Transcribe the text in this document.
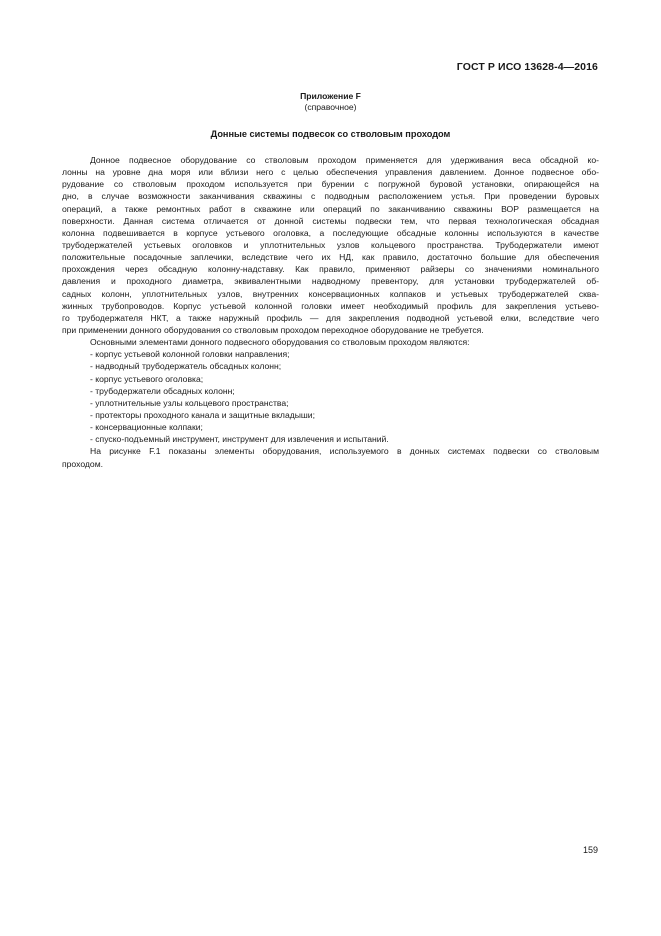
ГОСТ Р ИСО 13628-4—2016
Приложение F
(справочное)
Донные системы подвесок со стволовым проходом
Донное подвесное оборудование со стволовым проходом применяется для удерживания веса обсадной ко-
лонны на уровне дна моря или вблизи него с целью обеспечения управления давлением. Донное подвесное обо-
рудование со стволовым проходом используется при бурении с погружной буровой установки, опирающейся на
дно, в случае возможности заканчивания скважины с подводным расположением устья. При проведении буровых
операций, а также ремонтных работ в скважине или операций по заканчиванию скважины ВОР размещается на
поверхности. Данная система отличается от донной системы подвески тем, что первая технологическая обсадная
колонна подвешивается в корпусе устьевого оголовка, а последующие обсадные колонны используются в качестве
трубодержателей устьевых оголовков и уплотнительных узлов кольцевого пространства. Трубодержатели имеют
положительные посадочные заплечики, вследствие чего их НД, как правило, достаточно большие для обеспечения
прохождения через обсадную колонну-надставку. Как правило, применяют райзеры со значениями номинального
давления и проходного диаметра, эквивалентными надводному превентору, для установки трубодержателей об-
садных колонн, уплотнительных узлов, внутренних консервационных колпаков и устьевых трубодержателей сква-
жинных трубопроводов. Корпус устьевой колонной головки имеет необходимый профиль для закрепления устьево-
го трубодержателя НКТ, а также наружный профиль — для закрепления подводной устьевой елки, вследствие чего
при применении донного оборудования со стволовым проходом переходное оборудование не требуется.
Основными элементами донного подвесного оборудования со стволовым проходом являются:
- корпус устьевой колонной головки направления;
- надводный трубодержатель обсадных колонн;
- корпус устьевого оголовка;
- трубодержатели обсадных колонн;
- уплотнительные узлы кольцевого пространства;
- протекторы проходного канала и защитные вкладыши;
- консервационные колпаки;
- спуско-подъемный инструмент, инструмент для извлечения и испытаний.
На рисунке F.1 показаны элементы оборудования, используемого в донных системах подвески со стволовым
проходом.
159
